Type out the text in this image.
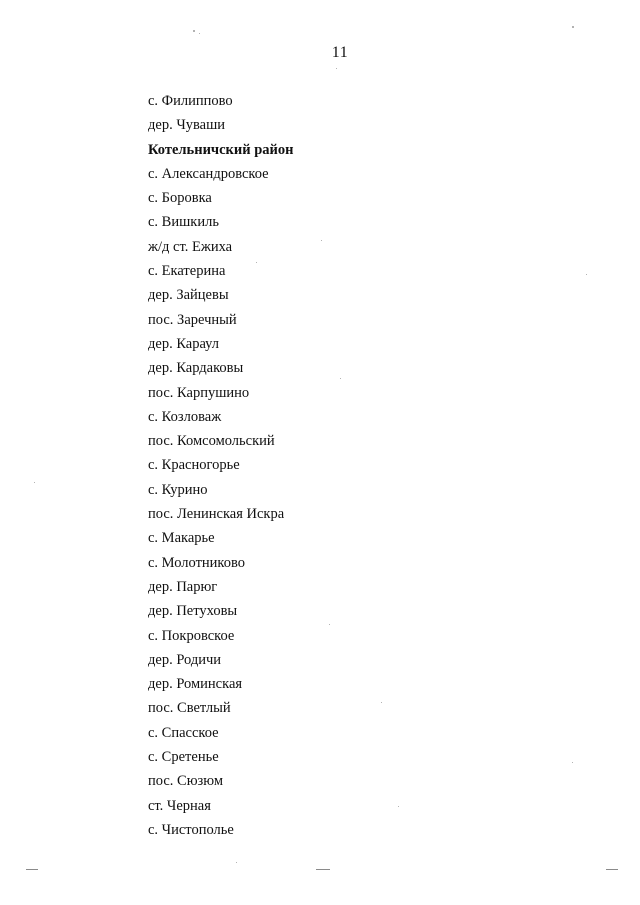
11
с. Филиппово
дер. Чуваши
Котельничский район
с. Александровское
с. Боровка
с. Вишкиль
ж/д ст. Ежиха
с. Екатерина
дер. Зайцевы
пос. Заречный
дер. Караул
дер. Кардаковы
пос. Карпушино
с. Козловаж
пос. Комсомольский
с. Красногорье
с. Курино
пос. Ленинская Искра
с. Макарье
с. Молотниково
дер. Парюг
дер. Петуховы
с. Покровское
дер. Родичи
дер. Роминская
пос. Светлый
с. Спасское
с. Сретенье
пос. Сюзюм
ст. Черная
с. Чистополье
